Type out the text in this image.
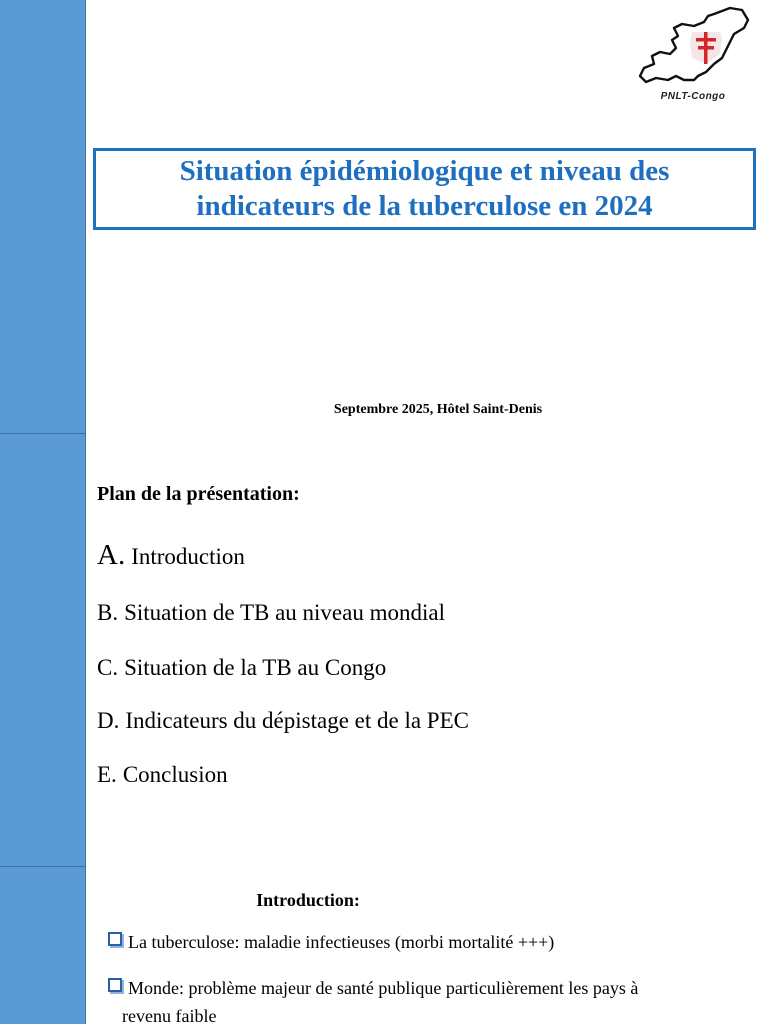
PNLT-Congo
Situation épidémiologique et niveau des indicateurs de la tuberculose en 2024
Septembre 2025, Hôtel Saint-Denis
Plan de la présentation:
A. Introduction
B. Situation de TB au niveau mondial
C. Situation de la TB au Congo
D. Indicateurs du dépistage et de la PEC
E. Conclusion
Introduction:
La tuberculose: maladie infectieuses (morbi mortalité +++)
Monde: problème majeur de santé publique particulièrement les pays à
revenu faible
